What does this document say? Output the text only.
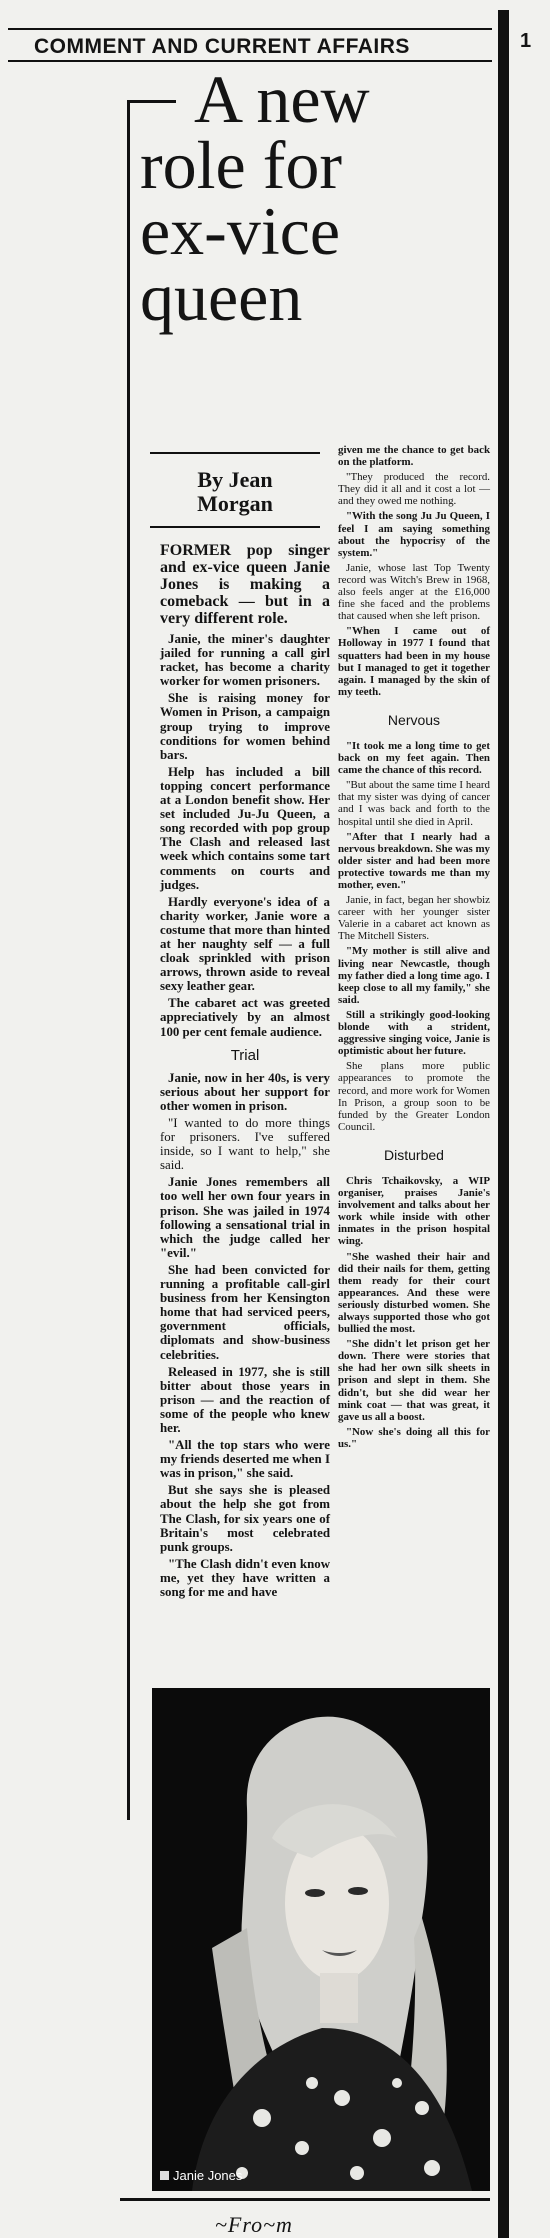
COMMENT AND CURRENT AFFAIRS	1
A new
role for
ex-vice
queen
By Jean
Morgan

FORMER pop singer and ex-vice queen Janie Jones is making a comeback — but in a very different role.

Janie, the miner's daughter jailed for running a call girl racket, has become a charity worker for women prisoners.

She is raising money for Women in Prison, a campaign group trying to improve conditions for women behind bars.

Help has included a bill topping concert performance at a London benefit show. Her set included Ju-Ju Queen, a song recorded with pop group The Clash and released last week which contains some tart comments on courts and judges.

Hardly everyone's idea of a charity worker, Janie wore a costume that more than hinted at her naughty self — a full cloak sprinkled with prison arrows, thrown aside to reveal sexy leather gear.

The cabaret act was greeted appreciatively by an almost 100 per cent female audience.

Trial

Janie, now in her 40s, is very serious about her support for other women in prison.

"I wanted to do more things for prisoners. I've suffered inside, so I want to help," she said.

Janie Jones remembers all too well her own four years in prison. She was jailed in 1974 following a sensational trial in which the judge called her "evil."

She had been convicted for running a profitable call-girl business from her Kensington home that had serviced peers, government officials, diplomats and show-business celebrities.

Released in 1977, she is still bitter about those years in prison — and the reaction of some of the people who knew her.

"All the top stars who were my friends deserted me when I was in prison," she said.

But she says she is pleased about the help she got from The Clash, for six years one of Britain's most celebrated punk groups.

"The Clash didn't even know me, yet they have written a song for me and have

given me the chance to get back on the platform.

"They produced the record. They did it all and it cost a lot — and they owed me nothing.

"With the song Ju Ju Queen, I feel I am saying something about the hypocrisy of the system."

Janie, whose last Top Twenty record was Witch's Brew in 1968, also feels anger at the £16,000 fine she faced and the problems that caused when she left prison.

"When I came out of Holloway in 1977 I found that squatters had been in my house but I managed to get it together again. I managed by the skin of my teeth.

Nervous

"It took me a long time to get back on my feet again. Then came the chance of this record.

"But about the same time I heard that my sister was dying of cancer and I was back and forth to the hospital until she died in April.

"After that I nearly had a nervous breakdown. She was my older sister and had been more protective towards me than my mother, even."

Janie, in fact, began her showbiz career with her younger sister Valerie in a cabaret act known as The Mitchell Sisters.

"My mother is still alive and living near Newcastle, though my father died a long time ago. I keep close to all my family," she said.

Still a strikingly good-looking blonde with a strident, aggressive singing voice, Janie is optimistic about her future.

She plans more public appearances to promote the record, and more work for Women In Prison, a group soon to be funded by the Greater London Council.

Disturbed

Chris Tchaikovsky, a WIP organiser, praises Janie's involvement and talks about her work while inside with other inmates in the prison hospital wing.

"She washed their hair and did their nails for them, getting them ready for their court appearances. And these were seriously disturbed women. She always supported those who got bullied the most.

"She didn't let prison get her down. There were stories that she had her own silk sheets in prison and slept in them. She didn't, but she did wear her mink coat — that was great, it gave us all a boost.

"Now she's doing all this for us."

Janie Jones
~Fro~m
